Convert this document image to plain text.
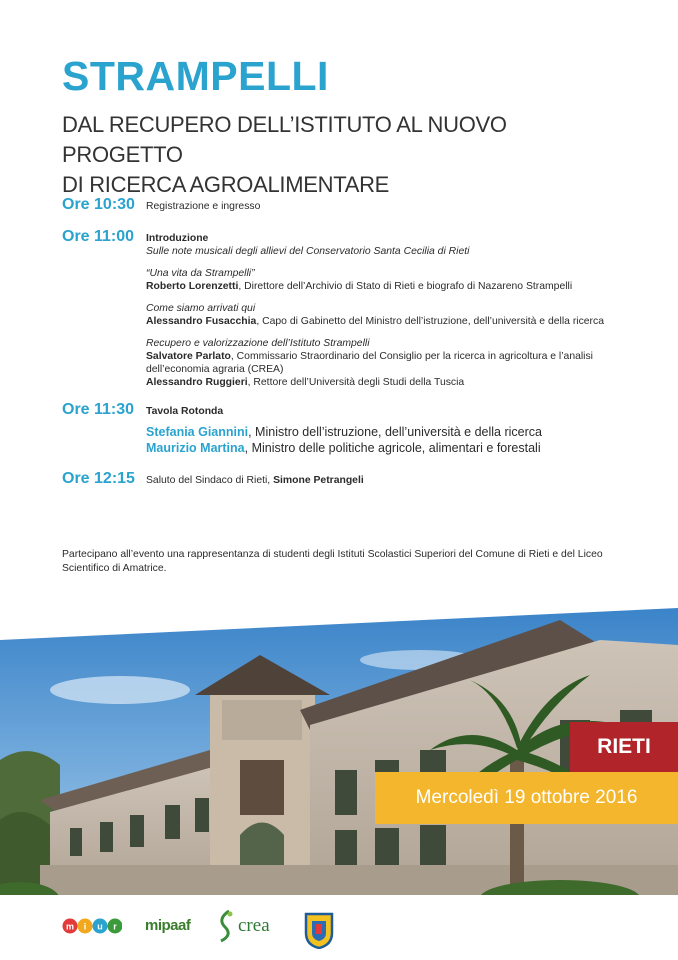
STRAMPELLI
DAL RECUPERO DELL’ISTITUTO AL NUOVO PROGETTO
DI RICERCA AGROALIMENTARE
Ore 10:30 Registrazione e ingresso
Ore 11:00 Introduzione
Sulle note musicali degli allievi del Conservatorio Santa Cecilia di Rieti
“Una vita da Strampelli”
Roberto Lorenzetti, Direttore dell’Archivio di Stato di Rieti e biografo di Nazareno Strampelli
Come siamo arrivati qui
Alessandro Fusacchia, Capo di Gabinetto del Ministro dell’istruzione, dell’università e della ricerca
Recupero e valorizzazione dell’Istituto Strampelli
Salvatore Parlato, Commissario Straordinario del Consiglio per la ricerca in agricoltura e l’analisi
dell’economia agraria (CREA)
Alessandro Ruggieri, Rettore dell’Università degli Studi della Tuscia
Ore 11:30 Tavola Rotonda
Stefania Giannini, Ministro dell’istruzione, dell’università e della ricerca
Maurizio Martina, Ministro delle politiche agricole, alimentari e forestali
Ore 12:15 Saluto del Sindaco di Rieti, Simone Petrangeli
Partecipano all’evento una rappresentanza di studenti degli Istituti Scolastici Superiori del Comune di Rieti e del Liceo
Scientifico di Amatrice.
RIETI
Mercoledì 19 ottobre 2016
m i u r mipaaf	crea
